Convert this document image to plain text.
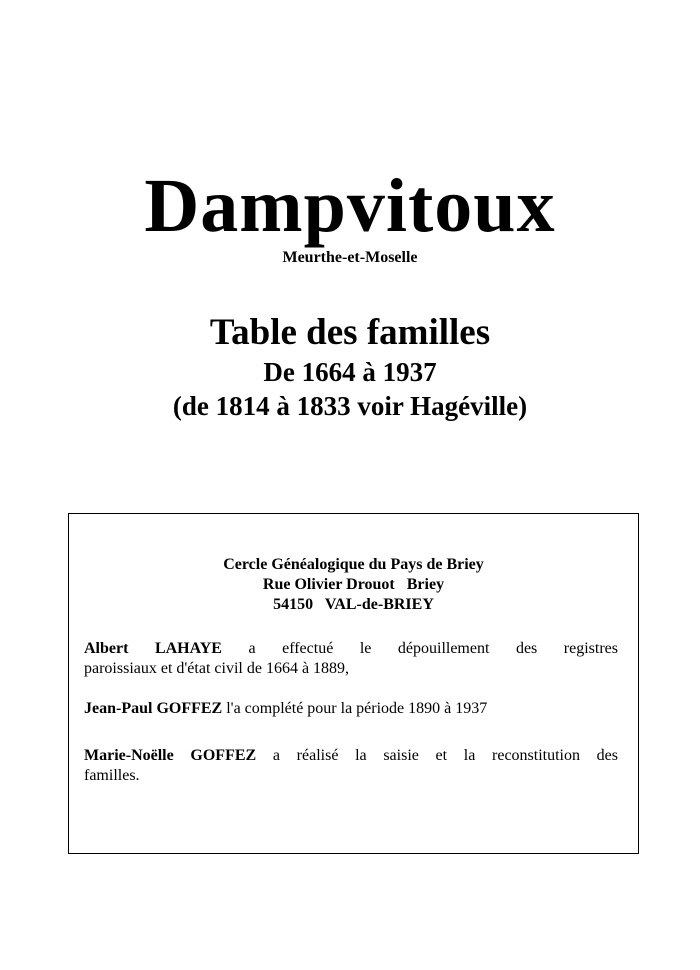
Dampvitoux
Meurthe-et-Moselle
Table des familles
De 1664 à 1937
(de 1814 à 1833 voir Hagéville)
Cercle Généalogique du Pays de Briey
Rue Olivier Drouot   Briey
54150   VAL-de-BRIEY
Albert LAHAYE a effectué le dépouillement des registres
paroissiaux et d'état civil de 1664 à 1889,
Jean-Paul GOFFEZ l'a complété pour la période 1890 à 1937
Marie-Noëlle GOFFEZ a réalisé la saisie et la reconstitution des
familles.
